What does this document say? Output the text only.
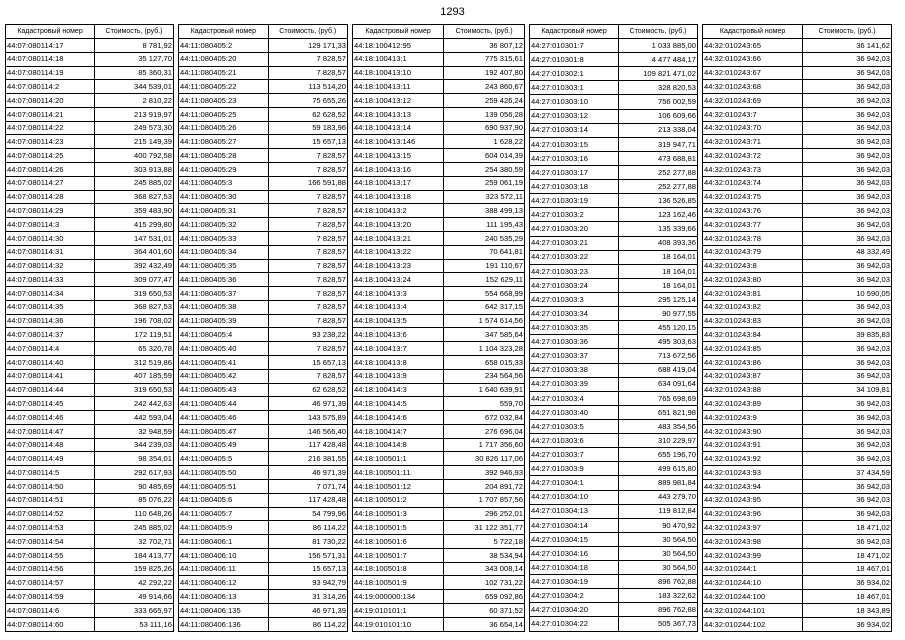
1293
Кадастровый номер	Стоимость, (руб.)
44:07:080114:17	8 781,92
44:07:080114:18	35 127,70
44:07:080114:19	85 360,31
44:07:080114:2	344 539,01
44:07:080114:20	2 810,22
44:07:080114:21	213 919,97
44:07:080114:22	249 573,30
44:07:080114:23	215 149,39
44:07:080114:25	400 792,58
44:07:080114:26	303 913,88
44:07:080114:27	245 885,02
44:07:080114:28	368 827,53
44:07:080114:29	359 483,90
44:07:080114:3	415 299,80
44:07:080114:30	147 531,01
44:07:080114:31	364 401,60
44:07:080114:32	392 432,49
44:07:080114:33	309 077,47
44:07:080114:34	319 650,53
44:07:080114:35	368 827,53
44:07:080114:36	196 708,02
44:07:080114:37	172 119,51
44:07:080114:4	65 320,78
44:07:080114:40	312 519,86
44:07:080114:41	407 185,59
44:07:080114:44	319 650,53
44:07:080114:45	242 442,63
44:07:080114:46	442 593,04
44:07:080114:47	32 948,59
44:07:080114:48	344 239,03
44:07:080114:49	98 354,01
44:07:080114:5	292 617,93
44:07:080114:50	90 485,69
44:07:080114:51	85 076,22
44:07:080114:52	110 648,26
44:07:080114:53	245 885,02
44:07:080114:54	32 702,71
44:07:080114:55	184 413,77
44:07:080114:56	159 825,26
44:07:080114:57	42 292,22
44:07:080114:59	49 914,66
44:07:080114:6	333 665,97
44:07:080114:60	53 111,16
Кадастровый номер	Стоимость, (руб.)
44:11:080405:2	129 171,33
44:11:080405:20	7 828,57
44:11:080405:21	7 828,57
44:11:080405:22	113 514,20
44:11:080405:23	75 655,26
44:11:080405:25	62 628,52
44:11:080405:26	59 183,96
44:11:080405:27	15 657,13
44:11:080405:28	7 828,57
44:11:080405:29	7 828,57
44:11:080405:3	166 591,88
44:11:080405:30	7 828,57
44:11:080405:31	7 828,57
44:11:080405:32	7 828,57
44:11:080405:33	7 828,57
44:11:080405:34	7 828,57
44:11:080405:35	7 828,57
44:11:080405:36	7 828,57
44:11:080405:37	7 828,57
44:11:080405:38	7 828,57
44:11:080405:39	7 828,57
44:11:080405:4	93 238,22
44:11:080405:40	7 828,57
44:11:080405:41	15 657,13
44:11:080405:42	7 828,57
44:11:080405:43	62 628,52
44:11:080405:44	46 971,39
44:11:080405:46	143 575,89
44:11:080405:47	146 566,40
44:11:080405:49	117 428,48
44:11:080405:5	216 381,55
44:11:080405:50	46 971,39
44:11:080405:51	7 071,74
44:11:080405:6	117 428,48
44:11:080405:7	54 799,96
44:11:080405:9	86 114,22
44:11:080406:1	81 730,22
44:11:080406:10	156 571,31
44:11:080406:11	15 657,13
44:11:080406:12	93 942,79
44:11:080406:13	31 314,26
44:11:080406:135	46 971,39
44:11:080406:136	86 114,22
Кадастровый номер	Стоимость, (руб.)
44:18:100412:95	36 807,12
44:18:100413:1	775 315,61
44:18:100413:10	192 407,80
44:18:100413:11	243 860,67
44:18:100413:12	259 426,24
44:18:100413:13	139 056,28
44:18:100413:14	690 937,90
44:18:100413:146	1 628,22
44:18:100413:15	604 014,39
44:18:100413:16	254 380,59
44:18:100413:17	259 061,19
44:18:100413:18	323 572,11
44:18:100413:2	388 499,13
44:18:100413:20	111 195,43
44:18:100413:21	240 535,29
44:18:100413:22	70 641,81
44:18:100413:23	191 110,67
44:18:100413:24	152 629,11
44:18:100413:3	554 668,99
44:18:100413:4	642 317,15
44:18:100413:5	1 574 614,56
44:18:100413:6	347 585,64
44:18:100413:7	1 104 323,28
44:18:100413:8	658 015,33
44:18:100413:9	234 564,56
44:18:100414:3	1 640 639,91
44:18:100414:5	559,70
44:18:100414:6	672 032,84
44:18:100414:7	276 696,04
44:18:100414:8	1 717 356,60
44:18:100501:1	30 826 117,06
44:18:100501:11	392 946,93
44:18:100501:12	204 891,72
44:18:100501:2	1 707 857,56
44:18:100501:3	296 252,01
44:18:100501:5	31 122 351,77
44:18:100501:6	5 722,18
44:18:100501:7	38 534,94
44:18:100501:8	343 008,14
44:18:100501:9	102 731,22
44:19:000000:134	659 092,86
44:19:010101:1	60 371,52
44:19:010101:10	36 654,14
Кадастровый номер	Стоимость, (руб.)
44:27:010301:7	1 033 885,00
44:27:010301:8	4 477 484,17
44:27:010302:1	109 821 471,02
44:27:010303:1	328 820,53
44:27:010303:10	756 002,59
44:27:010303:12	106 609,66
44:27:010303:14	213 338,04
44:27:010303:15	319 947,71
44:27:010303:16	473 688,81
44:27:010303:17	252 277,88
44:27:010303:18	252 277,88
44:27:010303:19	136 526,85
44:27:010303:2	123 162,46
44:27:010303:20	135 339,66
44:27:010303:21	408 393,36
44:27:010303:22	18 164,01
44:27:010303:23	18 164,01
44:27:010303:24	18 164,01
44:27:010303:3	295 125,14
44:27:010303:34	90 977,55
44:27:010303:35	455 120,15
44:27:010303:36	495 303,63
44:27:010303:37	713 672,56
44:27:010303:38	688 419,04
44:27:010303:39	634 091,64
44:27:010303:4	765 698,69
44:27:010303:40	651 821,98
44:27:010303:5	483 354,56
44:27:010303:6	310 229,97
44:27:010303:7	655 196,70
44:27:010303:9	499 615,80
44:27:010304:1	889 981,84
44:27:010304:10	443 279,70
44:27:010304:13	119 812,84
44:27:010304:14	90 470,92
44:27:010304:15	30 564,50
44:27:010304:16	30 564,50
44:27:010304:18	30 564,50
44:27:010304:19	896 762,88
44:27:010304:2	183 322,62
44:27:010304:20	896 762,88
44:27:010304:22	505 367,73
Кадастровый номер	Стоимость, (руб.)
44:32:010243:65	36 141,62
44:32:010243:66	36 942,03
44:32:010243:67	36 942,03
44:32:010243:68	36 942,03
44:32:010243:69	36 942,03
44:32:010243:7	36 942,03
44:32:010243:70	36 942,03
44:32:010243:71	36 942,03
44:32:010243:72	36 942,03
44:32:010243:73	36 942,03
44:32:010243:74	36 942,03
44:32:010243:75	36 942,03
44:32:010243:76	36 942,03
44:32:010243:77	36 942,03
44:32:010243:78	36 942,03
44:32:010243:79	48 332,49
44:32:010243:8	36 942,03
44:32:010243:80	36 942,03
44:32:010243:81	10 590,05
44:32:010243:82	36 942,03
44:32:010243:83	36 942,03
44:32:010243:84	39 835,83
44:32:010243:85	36 942,03
44:32:010243:86	36 942,03
44:32:010243:87	36 942,03
44:32:010243:88	34 109,81
44:32:010243:89	36 942,03
44:32:010243:9	36 942,03
44:32:010243:90	36 942,03
44:32:010243:91	36 942,03
44:32:010243:92	36 942,03
44:32:010243:93	37 434,59
44:32:010243:94	36 942,03
44:32:010243:95	36 942,03
44:32:010243:96	36 942,03
44:32:010243:97	18 471,02
44:32:010243:98	36 942,03
44:32:010243:99	18 471,02
44:32:010244:1	18 467,01
44:32:010244:10	36 934,02
44:32:010244:100	18 467,01
44:32:010244:101	18 343,89
44:32:010244:102	36 934,02
